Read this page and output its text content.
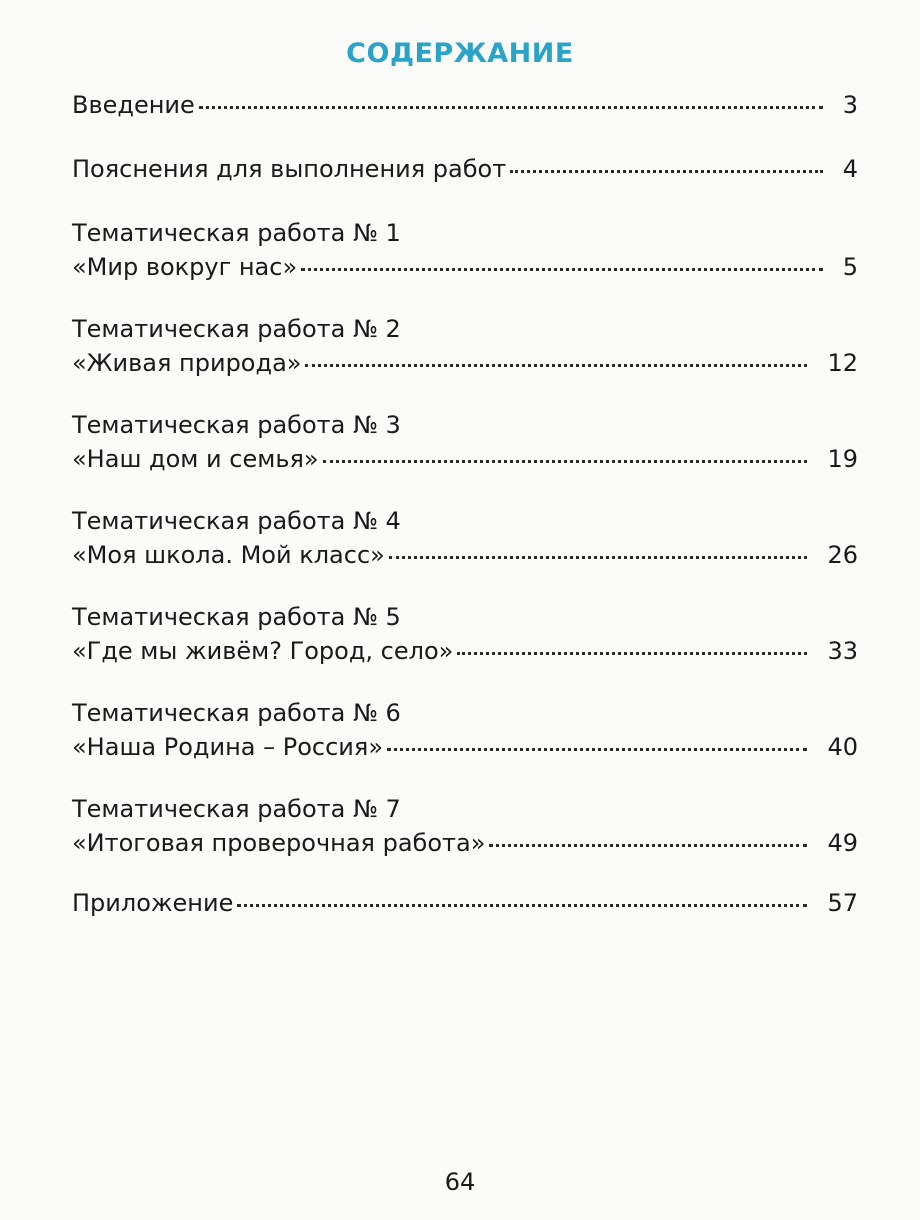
СОДЕРЖАНИЕ
Введение	3
Пояснения для выполнения работ	4
Тематическая работа № 1
«Мир вокруг нас»	5
Тематическая работа № 2
«Живая природа»	12
Тематическая работа № 3
«Наш дом и семья»	19
Тематическая работа № 4
«Моя школа. Мой класс»	26
Тематическая работа № 5
«Где мы живём? Город, село»	33
Тематическая работа № 6
«Наша Родина – Россия»	40
Тематическая работа № 7
«Итоговая проверочная работа»	49
Приложение	57
64
